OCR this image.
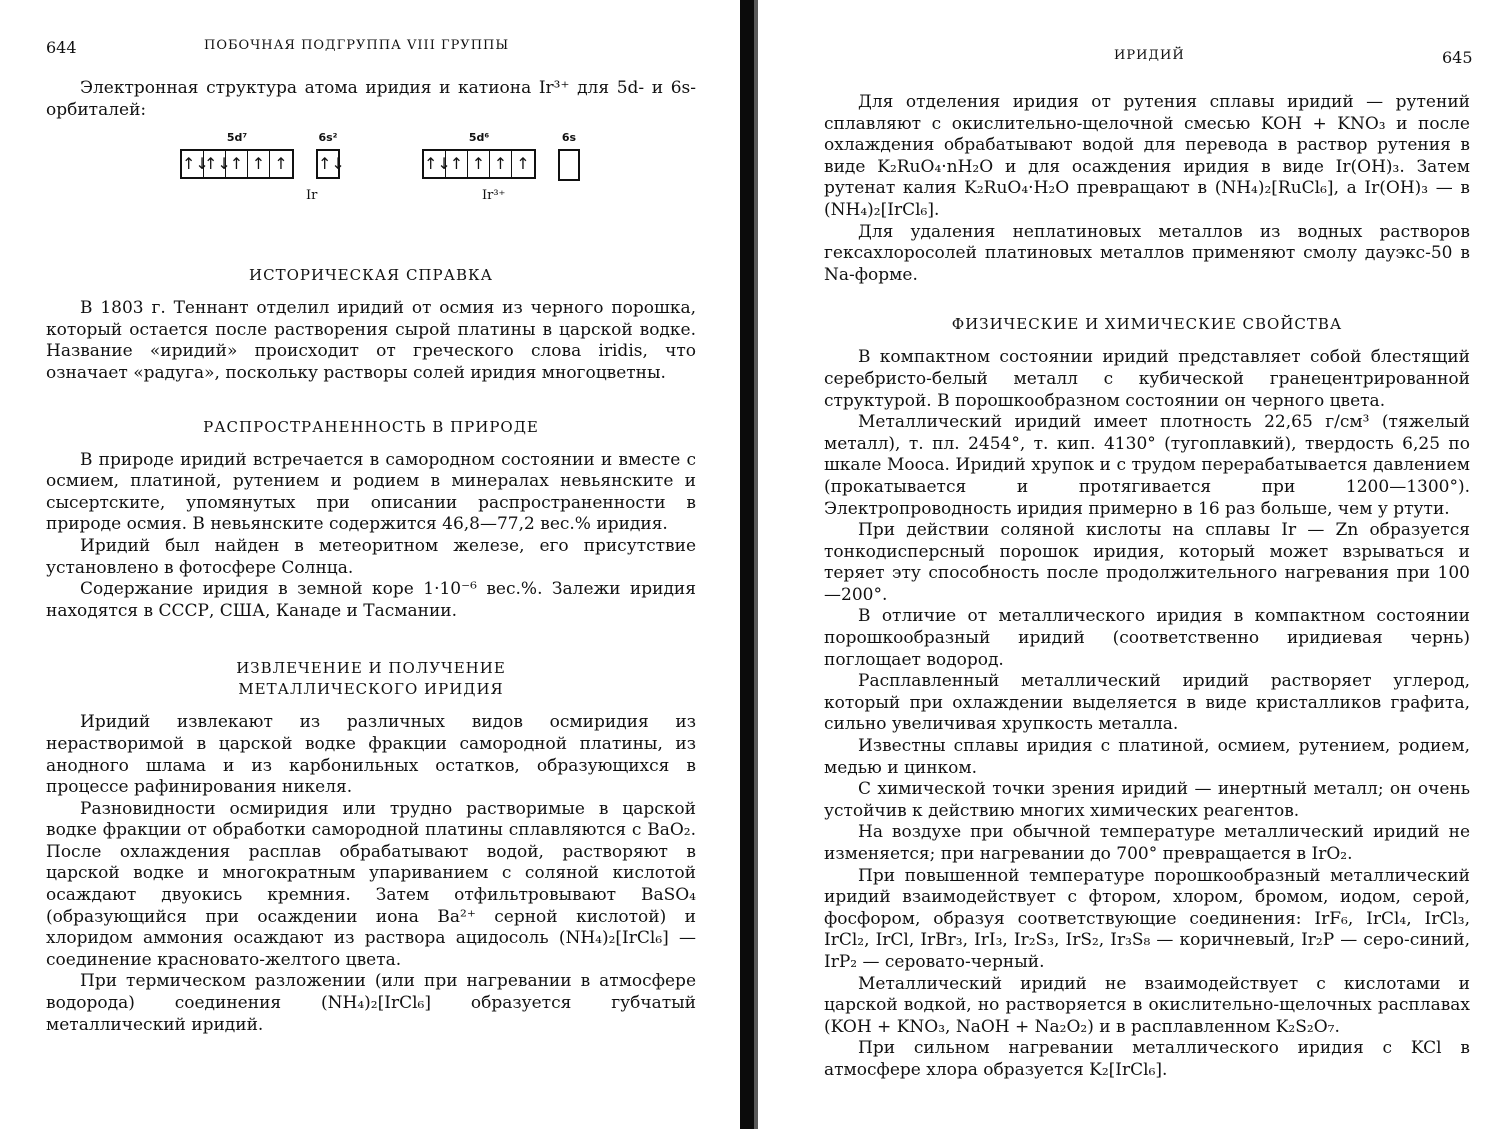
644	ПОБОЧНАЯ ПОДГРУППА VIII ГРУППЫ

Электронная структура атома иридия и катиона Ir³⁺ для 5d- и 6s-орбиталей:

5d⁷
↑↓
↑↓
↑ ↑ ↑
6s²
↑↓
Ir
5d⁶
↑↓
↑ ↑ ↑ ↑
6s
Ir³⁺
ИСТОРИЧЕСКАЯ СПРАВКА

В 1803 г. Теннант отделил иридий от осмия из черного порошка, который остается после растворения сырой платины в царской водке. Название «иридий» происходит от греческого слова iridis, что означает «радуга», поскольку растворы солей иридия многоцветны.

РАСПРОСТРАНЕННОСТЬ В ПРИРОДЕ

В природе иридий встречается в самородном состоянии и вместе с осмием, платиной, рутением и родием в минералах невьянските и сысертските, упомянутых при описании распространенности в природе осмия. В невьянските содержится 46,8—77,2 вес.% иридия.

Иридий был найден в метеоритном железе, его присутствие установлено в фотосфере Солнца.

Содержание иридия в земной коре 1·10⁻⁶ вес.%. Залежи иридия находятся в СССР, США, Канаде и Тасмании.

ИЗВЛЕЧЕНИЕ И ПОЛУЧЕНИЕ
МЕТАЛЛИЧЕСКОГО ИРИДИЯ

Иридий извлекают из различных видов осмиридия из нерастворимой в царской водке фракции самородной платины, из анодного шлама и из карбонильных остатков, образующихся в процессе рафинирования никеля.

Разновидности осмиридия или трудно растворимые в царской водке фракции от обработки самородной платины сплавляются с BaO₂. После охлаждения расплав обрабатывают водой, растворяют в царской водке и многократным упариванием с соляной кислотой осаждают двуокись кремния. Затем отфильтровывают BaSO₄ (образующийся при осаждении иона Ba²⁺ серной кислотой) и хлоридом аммония осаждают из раствора ацидосоль (NH₄)₂[IrCl₆] — соединение красновато-желтого цвета.

При термическом разложении (или при нагревании в атмосфере водорода) соединения (NH₄)₂[IrCl₆] образуется губчатый металлический иридий.

ИРИДИЙ	645

Для отделения иридия от рутения сплавы иридий — рутений сплавляют с окислительно-щелочной смесью KOH + KNO₃ и после охлаждения обрабатывают водой для перевода в раствор рутения в виде K₂RuO₄·nH₂O и для осаждения иридия в виде Ir(OH)₃. Затем рутенат калия K₂RuO₄·H₂O превращают в (NH₄)₂[RuCl₆], а Ir(OH)₃ — в (NH₄)₂[IrCl₆].

Для удаления неплатиновых металлов из водных растворов гексахлоросолей платиновых металлов применяют смолу дауэкс-50 в Na-форме.

ФИЗИЧЕСКИЕ И ХИМИЧЕСКИЕ СВОЙСТВА

В компактном состоянии иридий представляет собой блестящий серебристо-белый металл с кубической гранецентрированной структурой. В порошкообразном состоянии он черного цвета.

Металлический иридий имеет плотность 22,65 г/см³ (тяжелый металл), т. пл. 2454°, т. кип. 4130° (тугоплавкий), твердость 6,25 по шкале Мооса. Иридий хрупок и с трудом перерабатывается давлением (прокатывается и протягивается при 1200—1300°). Электропроводность иридия примерно в 16 раз больше, чем у ртути.

При действии соляной кислоты на сплавы Ir — Zn образуется тонкодисперсный порошок иридия, который может взрываться и теряет эту способность после продолжительного нагревания при 100—200°.

В отличие от металлического иридия в компактном состоянии порошкообразный иридий (соответственно иридиевая чернь) поглощает водород.

Расплавленный металлический иридий растворяет углерод, который при охлаждении выделяется в виде кристалликов графита, сильно увеличивая хрупкость металла.

Известны сплавы иридия с платиной, осмием, рутением, родием, медью и цинком.

С химической точки зрения иридий — инертный металл; он очень устойчив к действию многих химических реагентов.

На воздухе при обычной температуре металлический иридий не изменяется; при нагревании до 700° превращается в IrO₂.

При повышенной температуре порошкообразный металлический иридий взаимодействует с фтором, хлором, бромом, иодом, серой, фосфором, образуя соответствующие соединения: IrF₆, IrCl₄, IrCl₃, IrCl₂, IrCl, IrBr₃, IrI₃, Ir₂S₃, IrS₂, Ir₃S₈ — коричневый, Ir₂P — серо-синий, IrP₂ — серовато-черный.

Металлический иридий не взаимодействует с кислотами и царской водкой, но растворяется в окислительно-щелочных расплавах (KOH + KNO₃, NaOH + Na₂O₂) и в расплавленном K₂S₂O₇.

При сильном нагревании металлического иридия с KCl в атмосфере хлора образуется K₂[IrCl₆].
